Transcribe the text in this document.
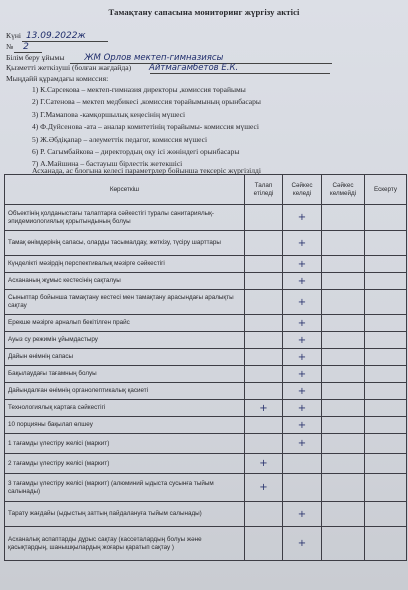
Тамақтану сапасына мониторинг жүргізу актісі
Күні 13.09.2022ж
№ 2
Білім беру ұйымы ЖМ Орлов мектеп-гимназиясы
Қызметті жеткізуші (болған жағдайда) Айтмагамбетов Е.К.
Мыңдайй құрамдағы комиссия:
1) К.Сарсекова – мектеп-гимназия директоры ,комиссия төрайымы
2) Г.Сатенова – мектеп медбикесі ,комиссия төрайымының орынбасары
3) Г.Мамапова -камқоршылық кеңесінің мүшесі
4) Ф.Дуйсенова -ата – аналар комитетінің төрайымы- комиссия мүшесі
5) Ж.Әбдіқапар – әлеуметтік педагог, комиссия мүшесі
6) Р. Сагымбайкова – директордың оқу ісі жөніндегі орынбасары
7) А.Майшина – бастауыш бірлестік жетекшісі
Асханада, ас блогына келесі параметрлер бойынша тексеріс жүргізілді
Көрсеткіш	Талап етіледі	Сәйкес келеді	Сәйкес келмейді	Ескерту
Объектінің қолданыстағы талаптарға сәйкестігі туралы санитариялық-эпидемиологиялық қорытындының болуы		+		
Тамақ өнімдерінің сапасы, оларды тасымалдау, жеткізу, түсіру шарттары		+		
Күнделікті мәзірдің перспективалық мәзірге сәйкестігі		+		
Асхананың жұмыс кестесінің сақталуы		+		
Сыныптар бойынша тамақтану кестесі мен тамақтану арасындағы аралықты сақтау		+		
Ерекше мәзірге арналып бекітілген прайс		+		
Ауыз су режимін ұйымдастыру		+		
Дайын өнімнің сапасы		+		
Бақылаудағы тағамның болуы		+		
Дайындалған өнімнің органолептикалық қасиеті		+		
Технологиялық картаға сәйкестігі	+	+		
10 порцияны бақылап өлшеу		+		
1 тағамды үлестіру желісі (маркит)		+		
2 тағамды үлестіру желісі (маркит)	+			
3 тағамды үлестіру желісі (маркит) (алюминий ыдыста сусынға тыйым салынады)	+			
Тарату жағдайы (ыдыстың заттың пайдалануға тыйым салынады)		+		
Асханалық аспаптарды дұрыс сақтау (кассеталардың болуы және қасықтардың, шанышқылардың жоғары қаратып сақтау )		+		
